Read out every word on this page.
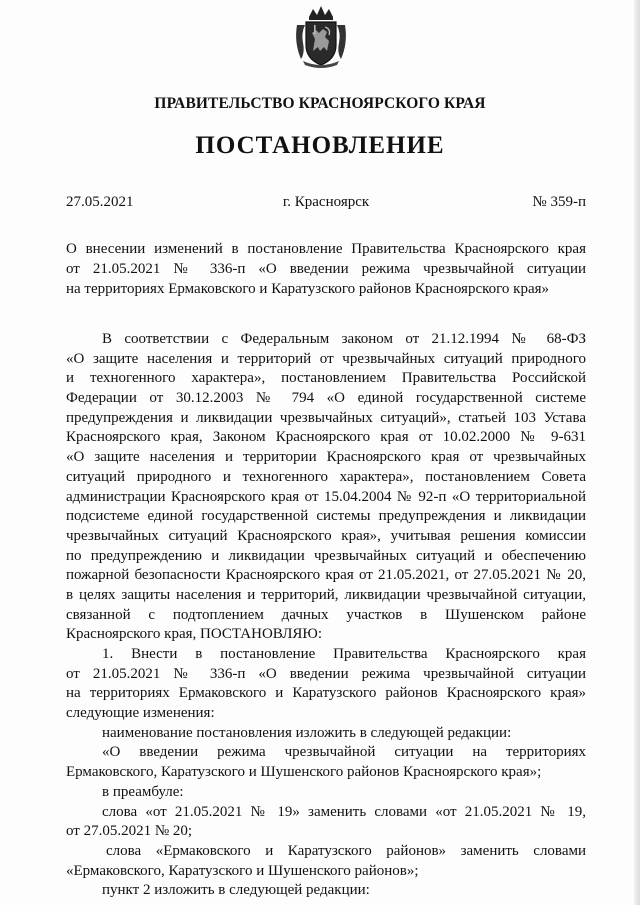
ПРАВИТЕЛЬСТВО КРАСНОЯРСКОГО КРАЯ
ПОСТАНОВЛЕНИЕ
27.05.2021	г. Красноярск	№ 359-п
О внесении изменений в постановление Правительства Красноярского края
от 21.05.2021 № 336-п «О введении режима чрезвычайной ситуации
на территориях Ермаковского и Каратузского районов Красноярского края»
В соответствии с Федеральным законом от 21.12.1994 № 68-ФЗ
«О защите населения и территорий от чрезвычайных ситуаций природного
и техногенного характера», постановлением Правительства Российской
Федерации от 30.12.2003 № 794 «О единой государственной системе
предупреждения и ликвидации чрезвычайных ситуаций», статьей 103 Устава
Красноярского края, Законом Красноярского края от 10.02.2000 № 9-631
«О защите населения и территории Красноярского края от чрезвычайных
ситуаций природного и техногенного характера», постановлением Совета
администрации Красноярского края от 15.04.2004 № 92-п «О территориальной
подсистеме единой государственной системы предупреждения и ликвидации
чрезвычайных ситуаций Красноярского края», учитывая решения комиссии
по предупреждению и ликвидации чрезвычайных ситуаций и обеспечению
пожарной безопасности Красноярского края от 21.05.2021, от 27.05.2021 № 20,
в целях защиты населения и территорий, ликвидации чрезвычайной ситуации,
связанной с подтоплением дачных участков в Шушенском районе
Красноярского края, ПОСТАНОВЛЯЮ:
1. Внести в постановление Правительства Красноярского края
от 21.05.2021 № 336-п «О введении режима чрезвычайной ситуации
на территориях Ермаковского и Каратузского районов Красноярского края»
следующие изменения:
наименование постановления изложить в следующей редакции:
«О введении режима чрезвычайной ситуации на территориях
Ермаковского, Каратузского и Шушенского районов Красноярского края»;
в преамбуле:
слова «от 21.05.2021 № 19» заменить словами «от 21.05.2021 № 19,
от 27.05.2021 № 20;
слова «Ермаковского и Каратузского районов» заменить словами
«Ермаковского, Каратузского и Шушенского районов»;
пункт 2 изложить в следующей редакции:
